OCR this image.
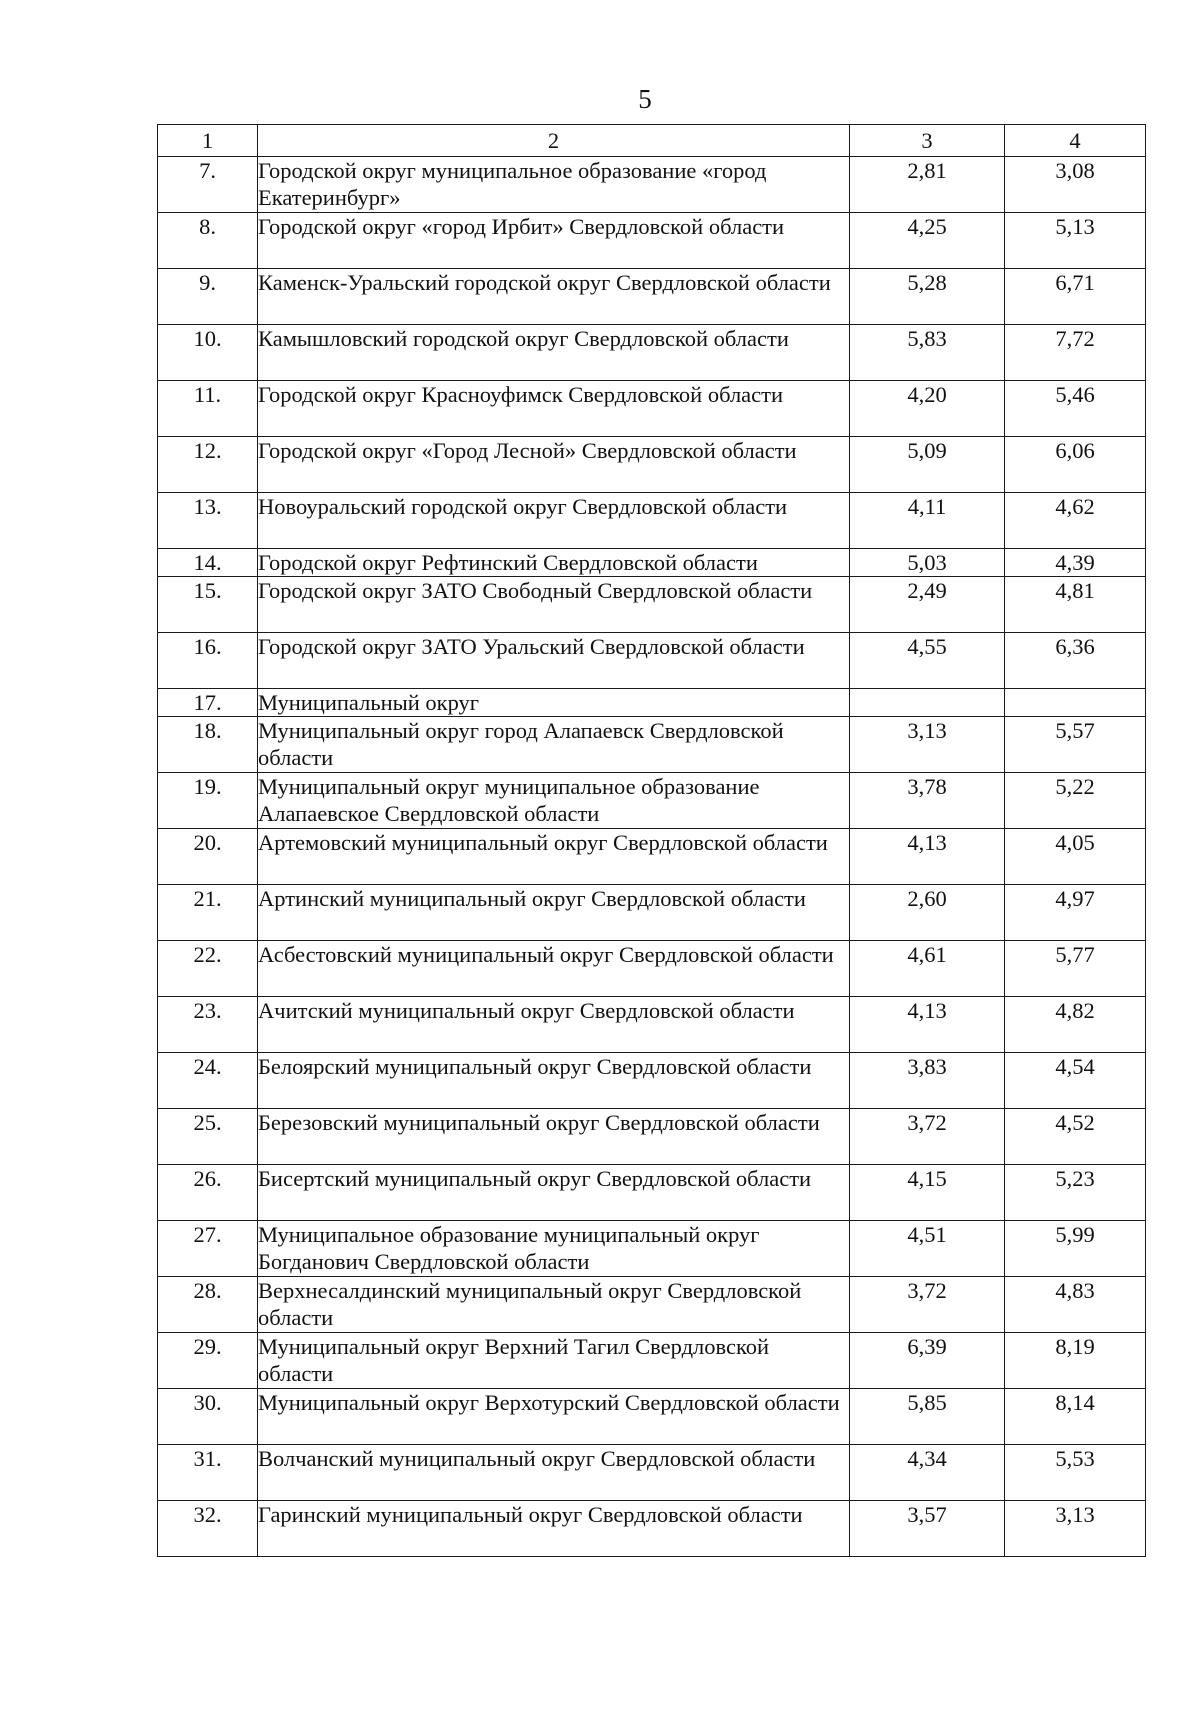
5
1	2	3	4
7.	Городской округ муниципальное образование «город Екатеринбург»	2,81	3,08
8.	Городской округ «город Ирбит» Свердловской области	4,25	5,13
9.	Каменск-Уральский городской округ Свердловской области	5,28	6,71
10.	Камышловский городской округ Свердловской области	5,83	7,72
11.	Городской округ Красноуфимск Свердловской области	4,20	5,46
12.	Городской округ «Город Лесной» Свердловской области	5,09	6,06
13.	Новоуральский городской округ Свердловской области	4,11	4,62
14.	Городской округ Рефтинский Свердловской области	5,03	4,39
15.	Городской округ ЗАТО Свободный Свердловской области	2,49	4,81
16.	Городской округ ЗАТО Уральский Свердловской области	4,55	6,36
17.	Муниципальный округ		
18.	Муниципальный округ город Алапаевск Свердловской области	3,13	5,57
19.	Муниципальный округ муниципальное образование Алапаевское Свердловской области	3,78	5,22
20.	Артемовский муниципальный округ Свердловской области	4,13	4,05
21.	Артинский муниципальный округ Свердловской области	2,60	4,97
22.	Асбестовский муниципальный округ Свердловской области	4,61	5,77
23.	Ачитский муниципальный округ Свердловской области	4,13	4,82
24.	Белоярский муниципальный округ Свердловской области	3,83	4,54
25.	Березовский муниципальный округ Свердловской области	3,72	4,52
26.	Бисертский муниципальный округ Свердловской области	4,15	5,23
27.	Муниципальное образование муниципальный округ Богданович Свердловской области	4,51	5,99
28.	Верхнесалдинский муниципальный округ Свердловской области	3,72	4,83
29.	Муниципальный округ Верхний Тагил Свердловской области	6,39	8,19
30.	Муниципальный округ Верхотурский Свердловской области	5,85	8,14
31.	Волчанский муниципальный округ Свердловской области	4,34	5,53
32.	Гаринский муниципальный округ Свердловской области	3,57	3,13
